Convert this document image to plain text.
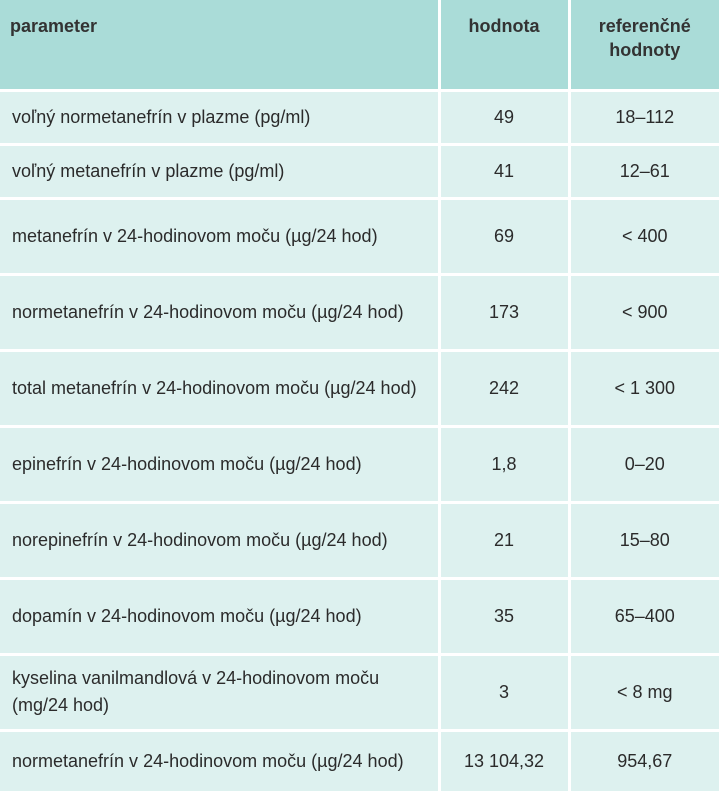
parameter	hodnota	referenčné hodnoty
voľný normetanefrín v plazme (pg/ml)	49	18–112
voľný metanefrín v plazme (pg/ml)	41	12–61
metanefrín v 24-hodinovom moču (µg/24 hod)	69	< 400
normetanefrín v 24-hodinovom moču (µg/24 hod)	173	< 900
total metanefrín v 24-hodinovom moču (µg/24 hod)	242	< 1 300
epinefrín v 24-hodinovom moču (µg/24 hod)	1,8	0–20
norepinefrín v 24-hodinovom moču (µg/24 hod)	21	15–80
dopamín v 24-hodinovom moču (µg/24 hod)	35	65–400
kyselina vanilmandlová v 24-hodinovom moču (mg/24 hod)	3	< 8 mg
normetanefrín v 24-hodinovom moču (µg/24 hod)	13 104,32	954,67
